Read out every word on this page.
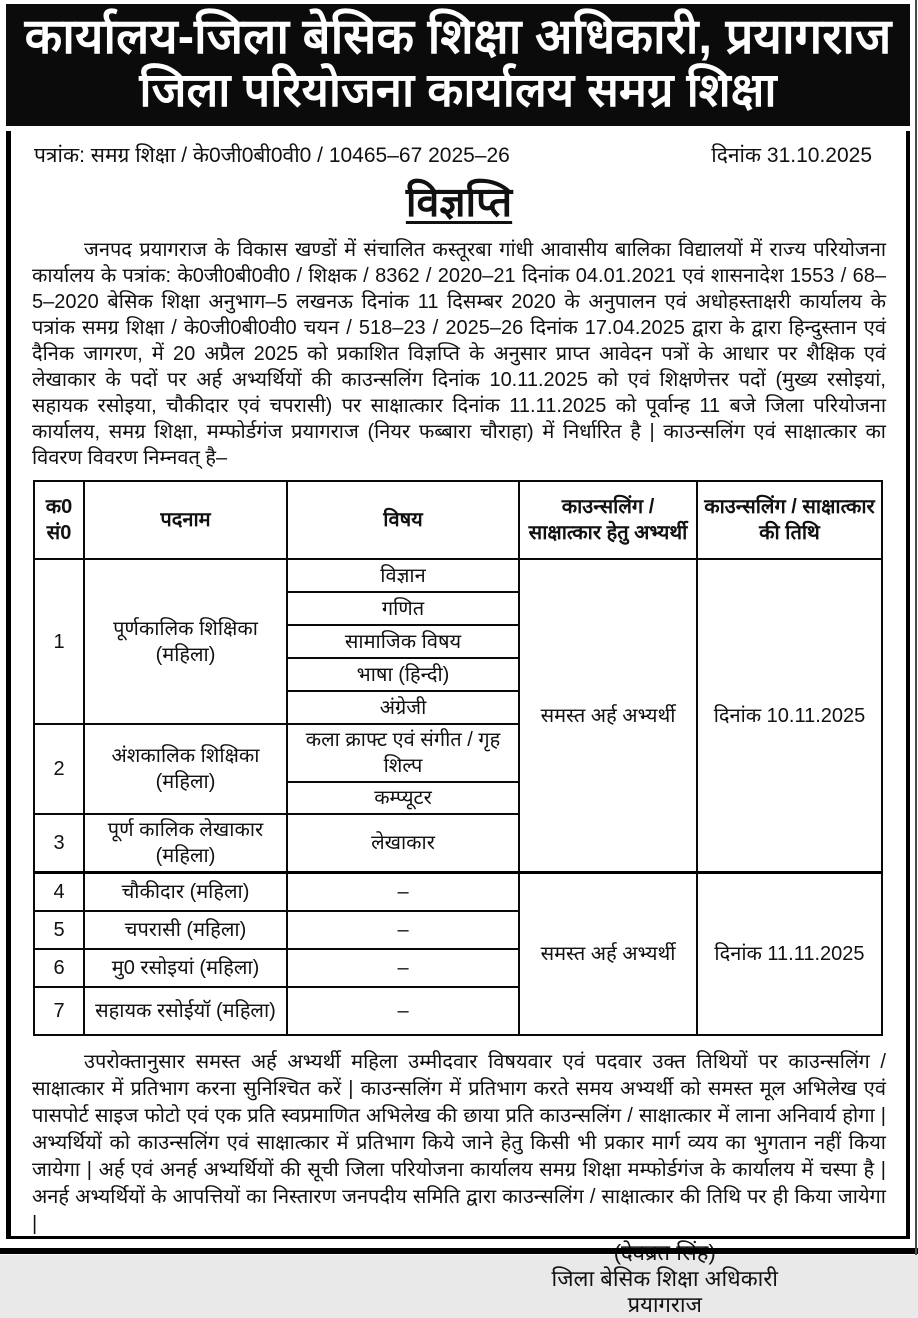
कार्यालय-जिला बेसिक शिक्षा अधिकारी, प्रयागराज
जिला परियोजना कार्यालय समग्र शिक्षा
पत्रांक: समग्र शिक्षा / के0जी0बी0वी0 / 10465–67 2025–26	दिनांक 31.10.2025
विज्ञप्ति

जनपद प्रयागराज के विकास खण्डों में संचालित कस्तूरबा गांधी आवासीय बालिका विद्यालयों में राज्य परियोजना कार्यालय के पत्रांक: के0जी0बी0वी0 / शिक्षक / 8362 / 2020–21 दिनांक 04.01.2021 एवं शासनादेश 1553 / 68–5–2020 बेसिक शिक्षा अनुभाग–5 लखनऊ दिनांक 11 दिसम्बर 2020 के अनुपालन एवं अधोहस्ताक्षरी कार्यालय के पत्रांक समग्र शिक्षा / के0जी0बी0वी0 चयन / 518–23 / 2025–26 दिनांक 17.04.2025 द्वारा के द्वारा हिन्दुस्तान एवं दैनिक जागरण, में 20 अप्रैल 2025 को प्रकाशित विज्ञप्ति के अनुसार प्राप्त आवेदन पत्रों के आधार पर शैक्षिक एवं लेखाकार के पदों पर अर्ह अभ्यर्थियों की काउन्सलिंग दिनांक 10.11.2025 को एवं शिक्षणेत्तर पदों (मुख्य रसोइयां, सहायक रसोइया, चौकीदार एवं चपरासी) पर साक्षात्कार दिनांक 11.11.2025 को पूर्वान्ह 11 बजे जिला परियोजना कार्यालय, समग्र शिक्षा, मम्फोर्डगंज प्रयागराज (नियर फब्बारा चौराहा) में निर्धारित है | काउन्सलिंग एवं साक्षात्कार का विवरण विवरण निम्नवत् है–

क0 सं0	पदनाम	विषय	काउन्सलिंग / साक्षात्कार हेतु अभ्यर्थी	काउन्सलिंग / साक्षात्कार की तिथि
1	पूर्णकालिक शिक्षिका (महिला)	विज्ञान	समस्त अर्ह अभ्यर्थी	दिनांक 10.11.2025
		गणित		
		सामाजिक विषय		
		भाषा (हिन्दी)		
		अंग्रेजी		
2	अंशकालिक शिक्षिका (महिला)	कला क्राफ्ट एवं संगीत / गृह शिल्प		
		कम्प्यूटर		
3	पूर्ण कालिक लेखाकार (महिला)	लेखाकार		
4	चौकीदार (महिला)	–	समस्त अर्ह अभ्यर्थी	दिनांक 11.11.2025
5	चपरासी (महिला)	–		
6	मु0 रसोइयां (महिला)	–		
7	सहायक रसोईयॉ (महिला)	–		

उपरोक्तानुसार समस्त अर्ह अभ्यर्थी महिला उम्मीदवार विषयवार एवं पदवार उक्त तिथियों पर काउन्सलिंग / साक्षात्कार में प्रतिभाग करना सुनिश्चित करें | काउन्सलिंग में प्रतिभाग करते समय अभ्यर्थी को समस्त मूल अभिलेख एवं पासपोर्ट साइज फोटो एवं एक प्रति स्वप्रमाणित अभिलेख की छाया प्रति काउन्सलिंग / साक्षात्कार में लाना अनिवार्य होगा | अभ्यर्थियों को काउन्सलिंग एवं साक्षात्कार में प्रतिभाग किये जाने हेतु किसी भी प्रकार मार्ग व्यय का भुगतान नहीं किया जायेगा | अर्ह एवं अनर्ह अभ्यर्थियों की सूची जिला परियोजना कार्यालय समग्र शिक्षा मम्फोर्डगंज के कार्यालय में चस्पा है | अनर्ह अभ्यर्थियों के आपत्तियों का निस्तारण जनपदीय समिति द्वारा काउन्सलिंग / साक्षात्कार की तिथि पर ही किया जायेगा |

जिला बेसिक शिक्षा अधिकारी
प्रयागराज
